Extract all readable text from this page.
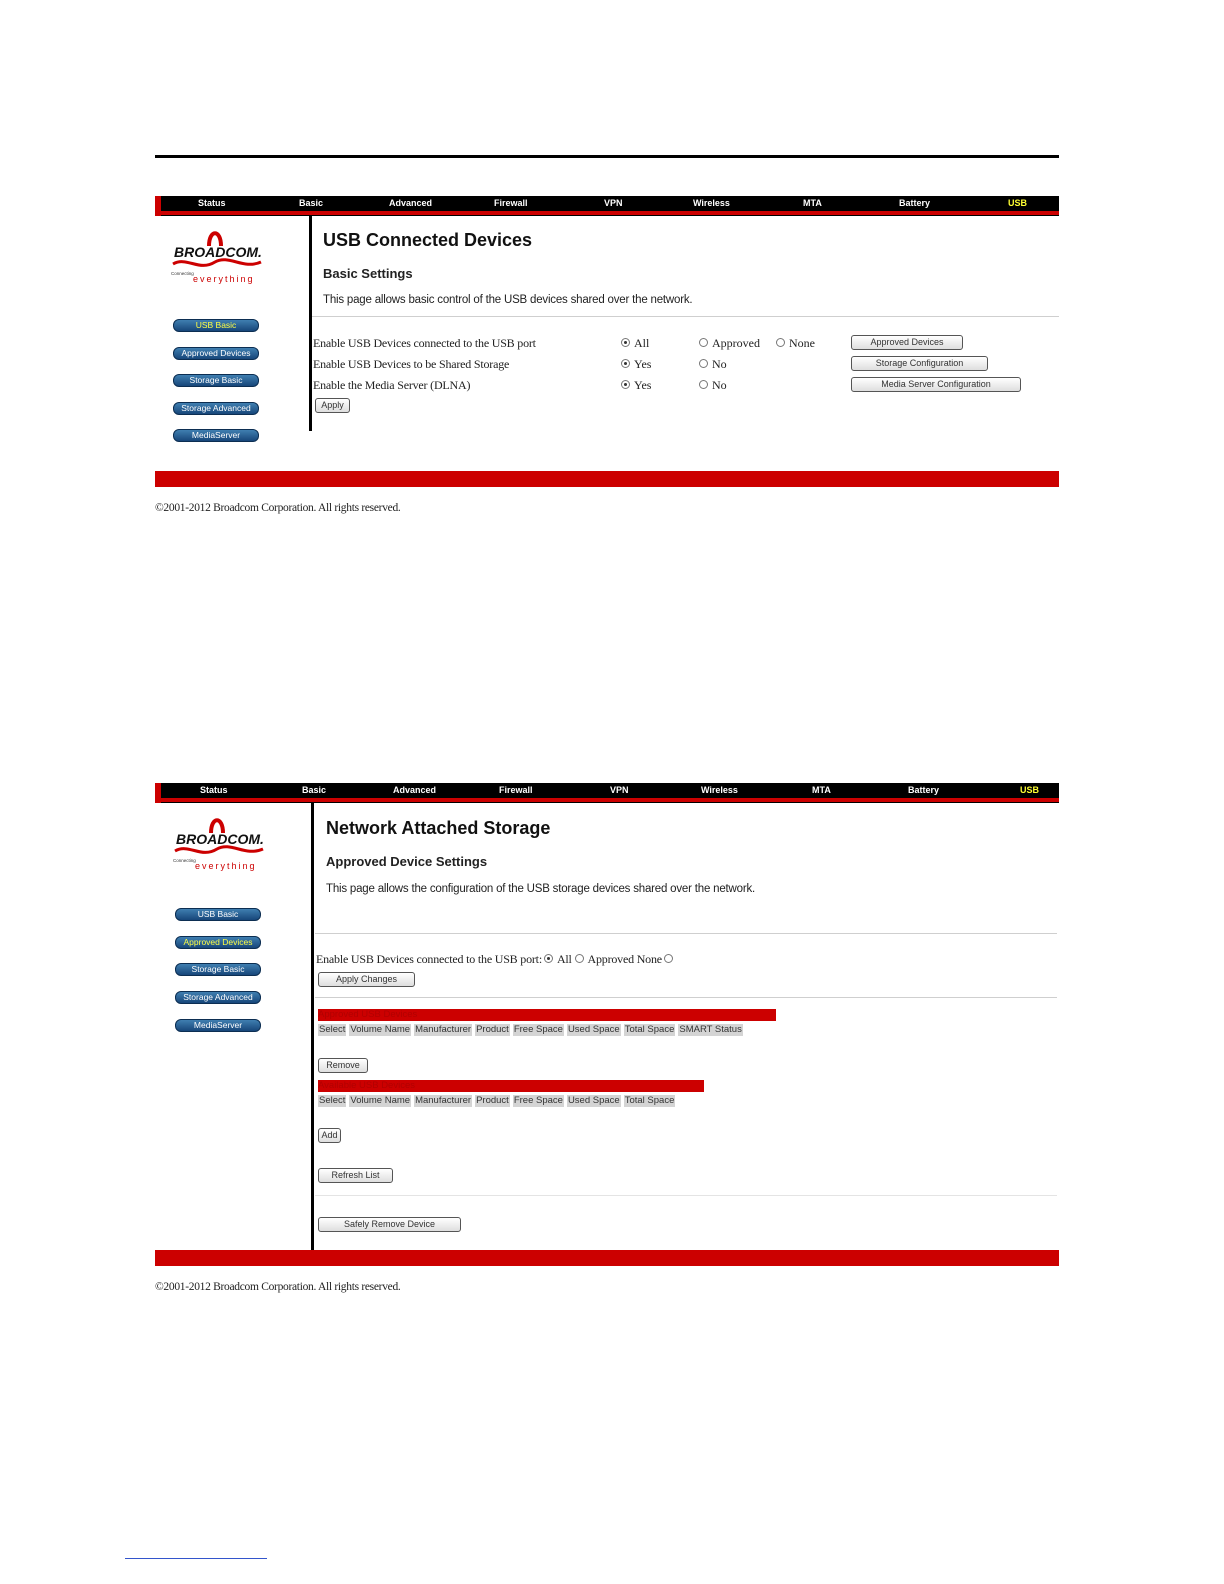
Status	Basic	Advanced	Firewall	VPN	Wireless	MTA	Battery	USB
BROADCOM.
Connecting
everything
USB Basic
Approved Devices
Storage Basic
Storage Advanced
MediaServer
USB Connected Devices
Basic Settings
This page allows basic control of the USB devices shared over the network.
Enable USB Devices connected to the USB port	All	Approved	None	Approved Devices
Enable USB Devices to be Shared Storage	Yes	No	Storage Configuration
Enable the Media Server (DLNA)	Yes	No	Media Server Configuration
Apply
©2001-2012 Broadcom Corporation. All rights reserved.
Status	Basic	Advanced	Firewall	VPN	Wireless	MTA	Battery	USB
BROADCOM.
Connecting
everything
USB Basic
Approved Devices
Storage Basic
Storage Advanced
MediaServer
Network Attached Storage
Approved Device Settings
This page allows the configuration of the USB storage devices shared over the network.
Enable USB Devices connected to the USB port: All Approved None
Apply Changes
Approved USB Devices
Select Volume Name Manufacturer Product Free Space Used Space Total Space SMART Status
Remove
Available USB Devices
Select Volume Name Manufacturer Product Free Space Used Space Total Space
Add
Refresh List
Safely Remove Device
©2001-2012 Broadcom Corporation. All rights reserved.
